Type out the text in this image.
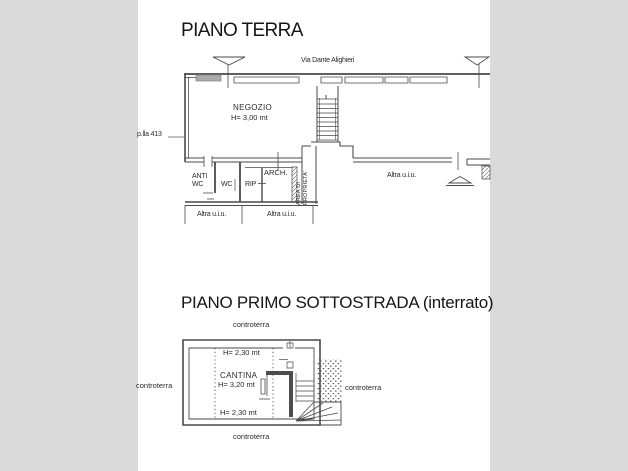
PIANO TERRA
Via Dante Alighieri
NEGOZIO
H= 3,00 mt
p.lla 413
ANTI
WC	WC RIP
ARCH.
AREA DI
PROPRIETA'
Altra u.i.u.	Altra u.i.u.
Altra u.i.u.
PIANO PRIMO SOTTOSTRADA (interrato)
controterra
controterra	controterra
controterra
H= 2,30 mt
CANTINA
H= 3,20 mt
H= 2,30 mt
